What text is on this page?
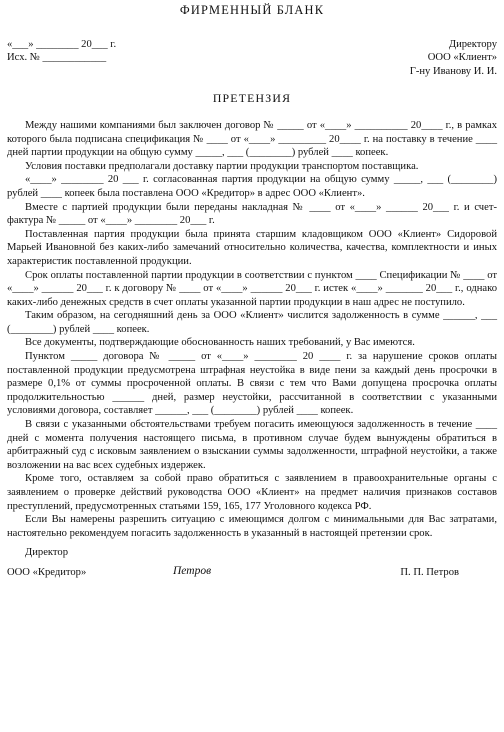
ФИРМЕННЫЙ БЛАНК
«___» ________ 20___ г.
Исх. № ____________
Директору
ООО «Клиент»
Г-ну Иванову И. И.
ПРЕТЕНЗИЯ

Между нашими компаниями был заключен договор № _____ от «____» __________ 20____ г., в рамках которого была подписана спецификация № ____ от «____» _________ 20____ г. на поставку в течение ____ дней партии продукции на общую сумму _____, ___ (________) рублей ____ копеек.

Условия поставки предполагали доставку партии продукции транспортом поставщика.

«____» ________ 20 ___ г. согласованная партия продукции на общую сумму _____, ___ (________) рублей ____ копеек была поставлена ООО «Кредитор» в адрес ООО «Клиент».

Вместе с партией продукции были переданы накладная № ____ от «____» ______ 20___ г. и счет-фактура № _____ от «____» ________ 20___ г.

Поставленная партия продукции была принята старшим кладовщиком ООО «Клиент» Сидоровой Марьей Ивановной без каких-либо замечаний относительно количества, качества, комплектности и иных характеристик поставленной продукции.

Срок оплаты поставленной партии продукции в соответствии с пунктом ____ Спецификации № ____ от «____» ______ 20___ г. к договору № ____ от «____» ______ 20___ г. истек «____» _______ 20___ г., однако каких-либо денежных средств в счет оплаты указанной партии продукции в наш адрес не поступило.

Таким образом, на сегодняшний день за ООО «Клиент» числится задолженность в сумме ______, ___ (________) рублей ____ копеек.

Все документы, подтверждающие обоснованность наших требований, у Вас имеются.

Пунктом _____ договора № _____ от «____» ________ 20 ____ г. за нарушение сроков оплаты поставленной продукции предусмотрена штрафная неустойка в виде пени за каждый день просрочки в размере 0,1% от суммы просроченной оплаты. В связи с тем что Вами допущена просрочка оплаты продолжительностью ______ дней, размер неустойки, рассчитанной в соответствии с указанными условиями договора, составляет ______, ___ (________) рублей ____ копеек.

В связи с указанными обстоятельствами требуем погасить имеющуюся задолженность в течение ____ дней с момента получения настоящего письма, в противном случае будем вынуждены обратиться в арбитражный суд с исковым заявлением о взыскании суммы задолженности, штрафной неустойки, а также возложении на вас всех судебных издержек.

Кроме того, оставляем за собой право обратиться с заявлением в правоохранительные органы с заявлением о проверке действий руководства ООО «Клиент» на предмет наличия признаков составов преступлений, предусмотренных статьями 159, 165, 177 Уголовного кодекса РФ.

Если Вы намерены разрешить ситуацию с имеющимся долгом с минимальными для Вас затратами, настоятельно рекомендуем погасить задолженность в указанный в настоящей претензии срок.

Директор
ООО «Кредитор»	Петров	П. П. Петров
